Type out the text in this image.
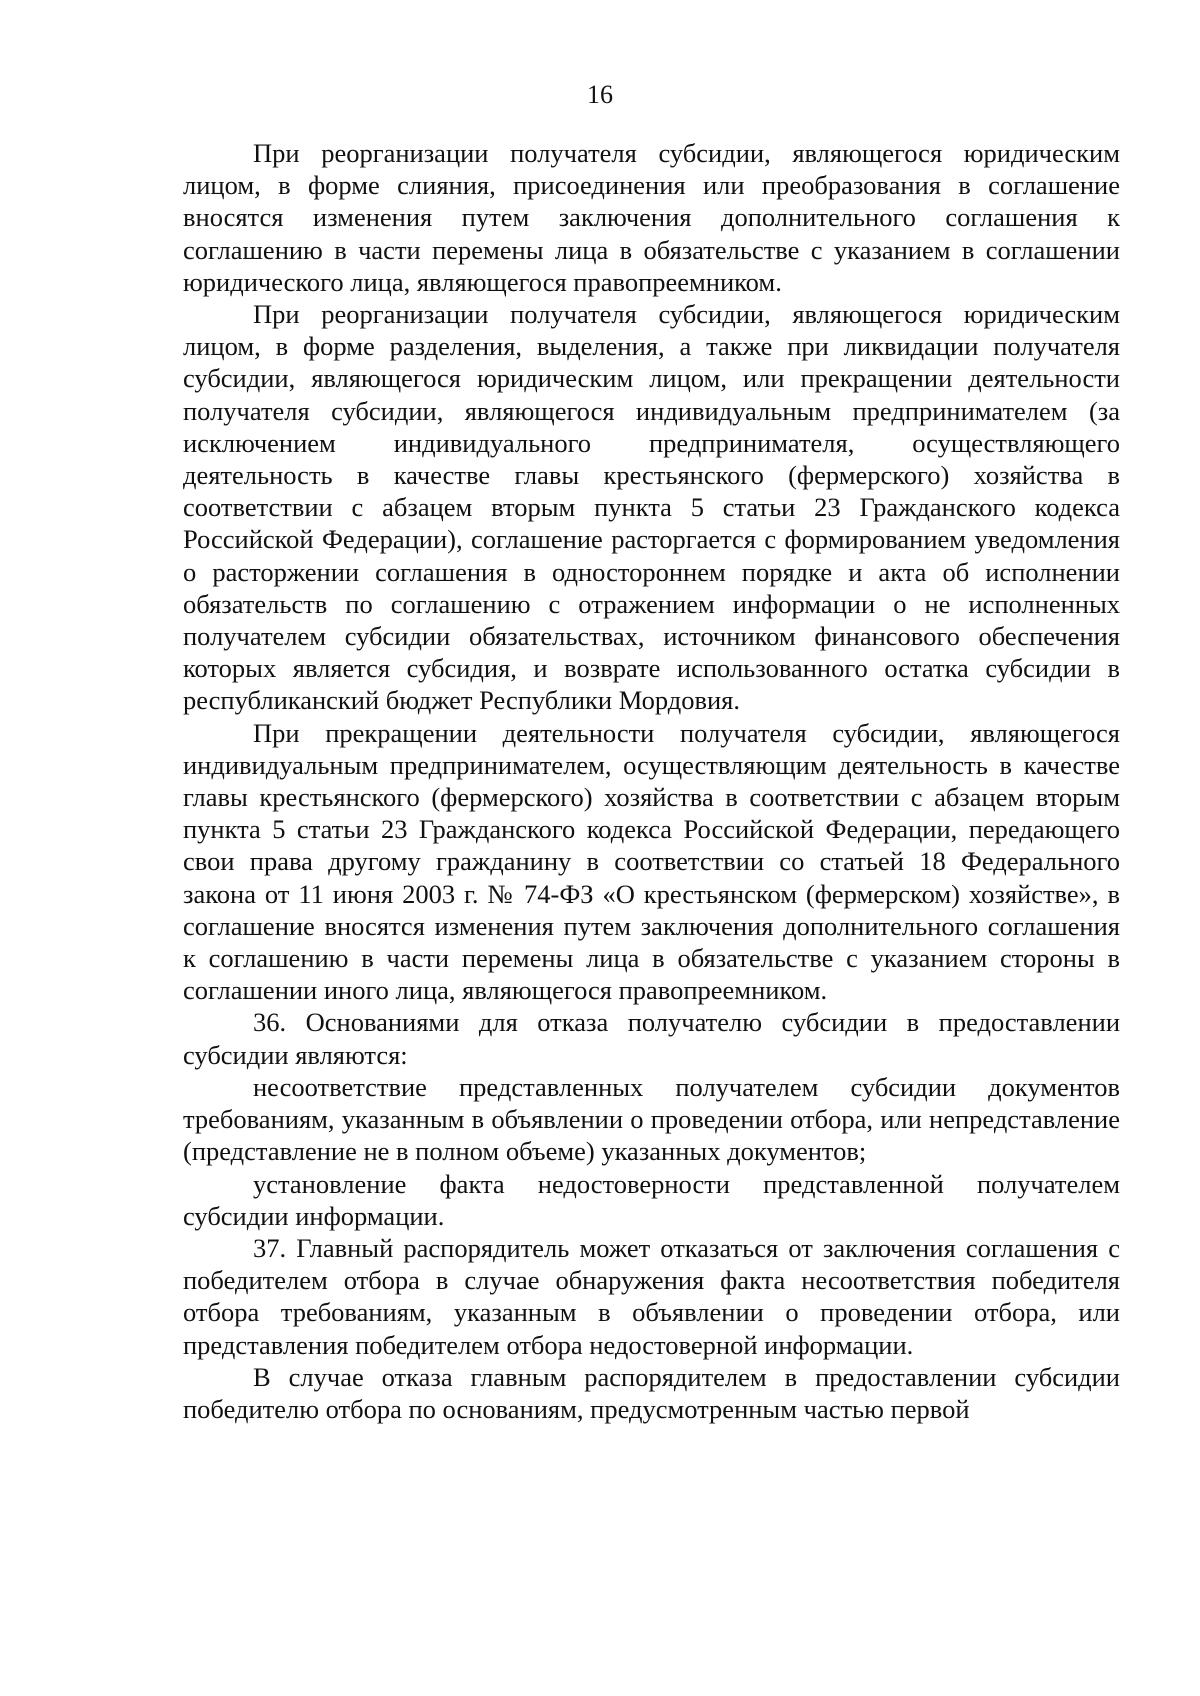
16

При реорганизации получателя субсидии, являющегося юридическим лицом, в форме слияния, присоединения или преобразования в соглашение вносятся изменения путем заключения дополнительного соглашения к соглашению в части перемены лица в обязательстве с указанием в соглашении юридического лица, являющегося правопреемником.

При реорганизации получателя субсидии, являющегося юридическим лицом, в форме разделения, выделения, а также при ликвидации получателя субсидии, являющегося юридическим лицом, или прекращении деятельности получателя субсидии, являющегося индивидуальным предпринимателем (за исключением индивидуального предпринимателя, осуществляющего деятельность в качестве главы крестьянского (фермерского) хозяйства в соответствии с абзацем вторым пункта 5 статьи 23 Гражданского кодекса Российской Федерации), соглашение расторгается с формированием уведомления о расторжении соглашения в одностороннем порядке и акта об исполнении обязательств по соглашению с отражением информации о не исполненных получателем субсидии обязательствах, источником финансового обеспечения которых является субсидия, и возврате использованного остатка субсидии в республиканский бюджет Республики Мордовия.

При прекращении деятельности получателя субсидии, являющегося индивидуальным предпринимателем, осуществляющим деятельность в качестве главы крестьянского (фермерского) хозяйства в соответствии с абзацем вторым пункта 5 статьи 23 Гражданского кодекса Российской Федерации, передающего свои права другому гражданину в соответствии со статьей 18 Федерального закона от 11 июня 2003 г. № 74-ФЗ «О крестьянском (фермерском) хозяйстве», в соглашение вносятся изменения путем заключения дополнительного соглашения к соглашению в части перемены лица в обязательстве с указанием стороны в соглашении иного лица, являющегося правопреемником.

36. Основаниями для отказа получателю субсидии в предоставлении субсидии являются:

несоответствие представленных получателем субсидии документов требованиям, указанным в объявлении о проведении отбора, или непредставление (представление не в полном объеме) указанных документов;

установление факта недостоверности представленной получателем субсидии информации.

37. Главный распорядитель может отказаться от заключения соглашения с победителем отбора в случае обнаружения факта несоответствия победителя отбора требованиям, указанным в объявлении о проведении отбора, или представления победителем отбора недостоверной информации.

В случае отказа главным распорядителем в предоставлении субсидии победителю отбора по основаниям, предусмотренным частью первой
